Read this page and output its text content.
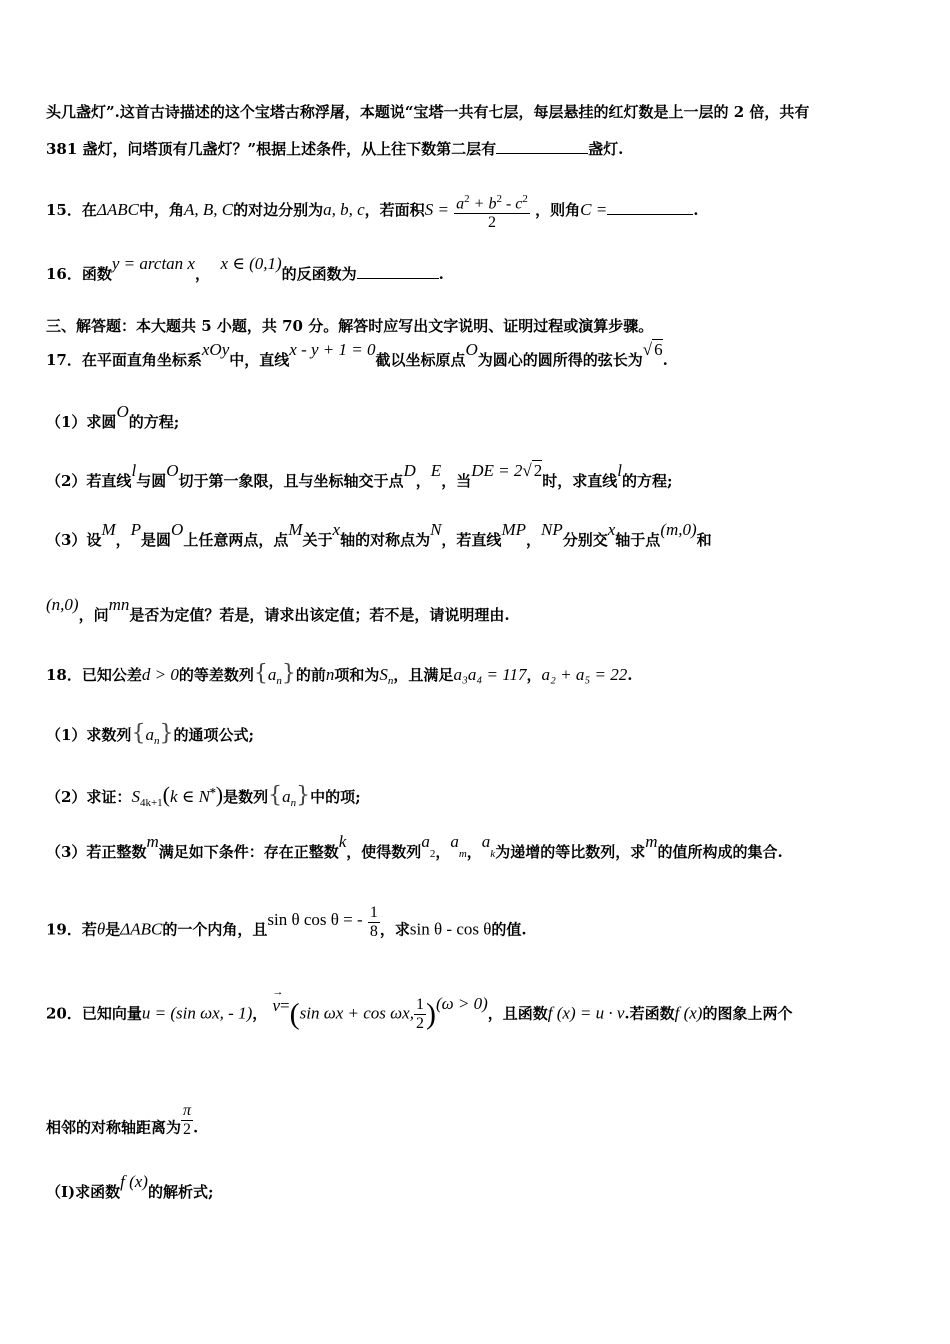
头几盏灯”.这首古诗描述的这个宝塔古称浮屠，本题说“宝塔一共有七层，每层悬挂的红灯数是上一层的 2 倍，共有
381 盏灯，问塔顶有几盏灯？”根据上述条件，从上往下数第二层有	盏灯.
15．在ΔABC中，角A, B, C的对边分别为a, b, c，若面积$S = \frac{a^2 + b^2 - c^2}{2}$ ，则角C =	.
16．函数y = arctan x，  x ∈ (0,1)的反函数为	.
三、解答题：本大题共 5 小题，共 70 分。解答时应写出文字说明、证明过程或演算步骤。
17．在平面直角坐标系xOy中，直线x - y + 1 = 0截以坐标原点O为圆心的圆所得的弦长为√ 6.
（1）求圆O的方程;
（2）若直线l与圆O切于第一象限，且与坐标轴交于点D，E，当DE = 2√ 2时，求直线l的方程;
（3）设M，P是圆O上任意两点，点M关于x轴的对称点为N，若直线MP，NP分别交x轴于点(m,0)和
(n,0)，问mn是否为定值？若是，请求出该定值；若不是，请说明理由.
18．已知公差d > 0的等差数列$\{a_n\}$的前n项和为$S_n$，且满足a₃a₄ = 117，a₂ + a₅ = 22.
（1）求数列$\{a_n\}$的通项公式;
（2）求证：$S_{4k+1}(k$ ∈ N*)是数列$\{a_n\}$中的项;
（3）若正整数m满足如下条件：存在正整数k，使得数列a2，am，ak为递增的等比数列，求m的值所构成的集合.
19．若θ是ΔABC的一个内角，且sin θ cos θ = - $\frac{1}{8}$ ，求sin θ - cos θ的值.
20．已知向量u = (sin ωx, - 1)，
→
v=(sin ωx + cos ωx, $\frac{1}{2} )(\omega > 0)$，且函数f (x) = u · v.若函数f (x)的图象上两个
相邻的对称轴距离为 $\frac{\pi}{2}$ .
（Ⅰ)求函数f (x)的解析式;
